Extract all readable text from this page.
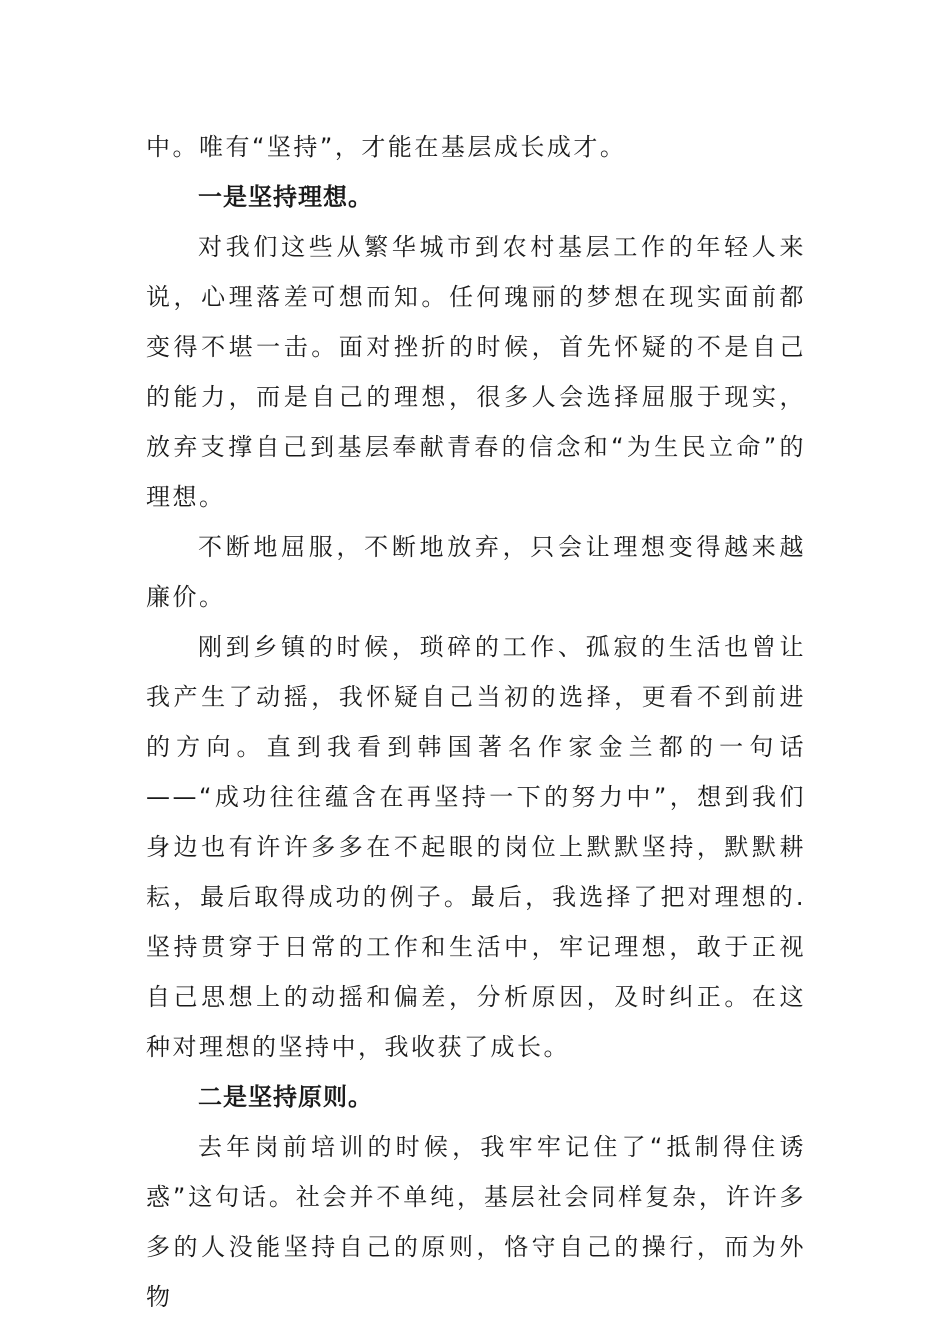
中。唯有“坚持”，才能在基层成长成才。

一是坚持理想。

对我们这些从繁华城市到农村基层工作的年轻人来说，心理落差可想而知。任何瑰丽的梦想在现实面前都变得不堪一击。面对挫折的时候，首先怀疑的不是自己的能力，而是自己的理想，很多人会选择屈服于现实，放弃支撑自己到基层奉献青春的信念和“为生民立命”的理想。

不断地屈服，不断地放弃，只会让理想变得越来越廉价。

刚到乡镇的时候，琐碎的工作、孤寂的生活也曾让我产生了动摇，我怀疑自己当初的选择，更看不到前进的方向。直到我看到韩国著名作家金兰都的一句话——“成功往往蕴含在再坚持一下的努力中”，想到我们身边也有许许多多在不起眼的岗位上默默坚持，默默耕耘，最后取得成功的例子。最后，我选择了把对理想的.坚持贯穿于日常的工作和生活中，牢记理想，敢于正视自己思想上的动摇和偏差，分析原因，及时纠正。在这种对理想的坚持中，我收获了成长。

二是坚持原则。

去年岗前培训的时候，我牢牢记住了“抵制得住诱惑”这句话。社会并不单纯，基层社会同样复杂，许许多多的人没能坚持自己的原则，恪守自己的操行，而为外物
